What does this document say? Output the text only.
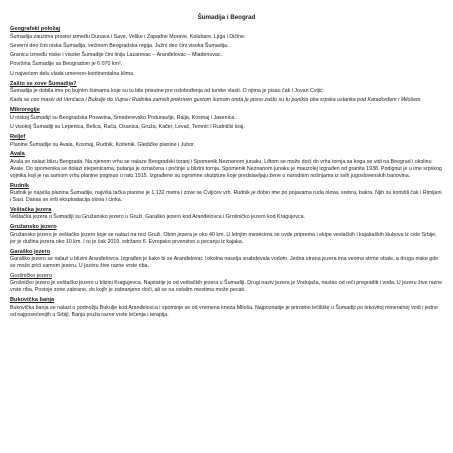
Šumadija i Beograd
Geografski položaj
Šumadija zauzima prostor između Dunava i Save, Velike i Zapadne Morave, Kolubare, Ljiga i Dičine.
Severni deo čini niska Šumadija, većinom Beogradska regija. Južni deo čini visoka Šumadija.
Granicu između niske i visoke Šumadije čini linija Lazarevac – Aranđelovac – Mladenovac.
Površina Šumadije sa Beogradom je 6 070 km².
U najvećem delu vlada umereno-kontinentalna klima.
Zašto se zove Šumadija?
Šumadija je dobila ime po bujnim šumama koje su tu bile prisutne pre oslobođenja od turske vlasti. O njima je pisao čak i Jovan Cvijić:
Kada se ceo masiv od Venčaca i Bukulje do Vujna i Rudnika zamisli prekriven gustom šumom onda je jasno zašto su tu ponikla oba srpska ustanka pod Karađorđem i Milošem.
Mikroregije
U niskoj Šumadiji su Beogradska Posavina, Smederevsko Podunavlje, Ralja, Kosmaj i Jasenica.
U visokoj Šumadiji su Lepenica, Belica, Rača, Osanica, Gruža, Kačer, Levač, Temnić i Rudnički kraj.
Reljef
Planine Šumadije su Avala, Kosmaj, Rudnik, Kotlenik. Gledićke planine i Juhor.
Avala
Avala se nalazi blizu Beograda. Na njenom vrhu se nalaze Beogradski toranj i Spomenik Neznanom junaku. Liftom se može doći do vrha tornja sa koga se vidi na Beograd i okolinu Avale. Do spomenika se dolazi stepenicama, putanja je označena i počinje u blizini tornja. Spomenik Neznanom junaku je mauzolej izgrađen od granita 1938. Podignut je u ime srpskog vojnika koji je na samom vrhu planine poginuo u ratu 1915. Izgrađene su ogromne skulpture koje predstavljaju žene u narodnim nošnjama iz svih jugoslovenskih banovina.
Rudnik
Rudnik je najviša planina Šumadije, najviša tačka planine je 1 132 metra i zove se Cvijićev vrh. Rudnik je dobio ime po pojavama ruda olova, srebra, bakra. Njih su koristili čak i Rimljani i Sasi. Danas se vrši eksploatacija olova i cinka.
Veštačka jezera
Veštačka jezera u Šumadiji su Gružansko jezero u Gruži, Garaško jezero kod Aranđelovca i Grošničko jezero kod Kragujevca.
Gružansko jezero
Gružansko jezero je veštačko jezero koje se nalazi na reci Gruži. Obim jezera je oko 40 km. U letnjim mesecima se ovde priprema i ekipe veslačkih i kajakaških klubova iz cele Srbije, jer je dužina jezera oko 10 km. I tu je čak 2019. održano 6. Evropsko prvenstvo u pecanju iz kajaka.
Garaško jezero
Garaško jezero se nalazi u blizini Aranđelovca. Izgrađen je kako bi se Aranđelovac i okolna naselja snabdevala vodom. Jedna strana jezera ima veoma strme obale, a druga niske gde se može prići samom jezeru. U jezeru žive razne vrste riba.
Grošničko jezero
Grošničko jezero je veštačko jezero u blizini Kragujevca. Najstarije je od veštačkih jezera u Šumadiji. Drugi naziv jezera je Vodojaža, nastao od reči pregraditi i voda. U jezeru žive razne vrste riba. Postoje zone zabrane, do kojih je zabranjeno doći, ali se na ostalim mestima može pecati.
Bukovička banja
Bukovička banja se nalazi u podnožju Bukulje kod Aranđelovca i spominje se od vremena kneza Miloša. Najpoznatije je prirodno lečilište u Šumadiji po lekovitoj mineralnoj vodi i jedno od najposećenijih u Srbiji. Banja pruža razne vrste lečenja i terapija.
